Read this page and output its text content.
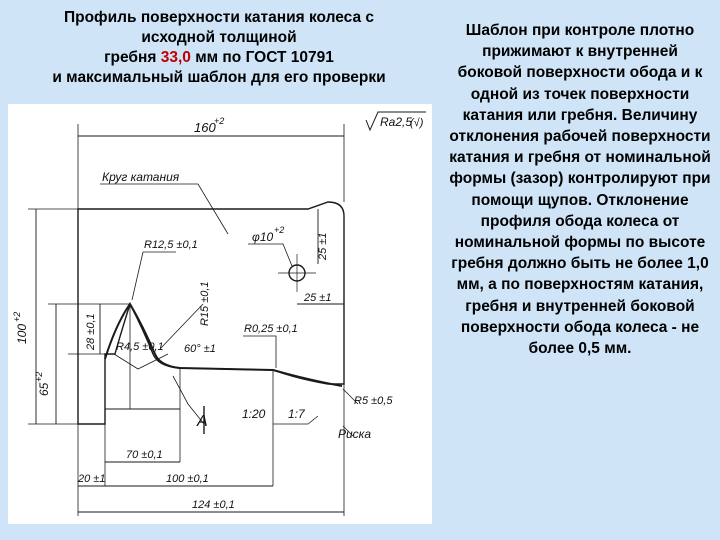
Профиль поверхности катания колеса с
исходной толщиной
гребня 33,0 мм по ГОСТ 10791
и максимальный шаблон для его проверки
Шаблон при контроле плотно прижимают к внутренней боковой поверхности обода и к одной из точек поверхности катания или гребня. Величину отклонения рабочей поверхности катания и гребня от номинальной формы (зазор) контролируют при помощи щупов. Отклонение профиля обода колеса от номинальной формы по высоте гребня должно быть не более 1,0 мм, а по поверхностям катания, гребня и внутренней боковой поверхности обода колеса - не более 0,5 мм.
Ra2,5
(√)
160
+2
Круг катания
φ10 +2
25 ±1
25 ±1
R12,5 ±0,1
R15 ±0,1
R0,25 ±0,1
R4,5 ±0,1 60° ±1
28 ±0,1
100
+2
65
+2
A	1:20 1:7
R5 ±0,5
Риска
70 ±0,1
20 ±1	100 ±0,1
124 ±0,1
